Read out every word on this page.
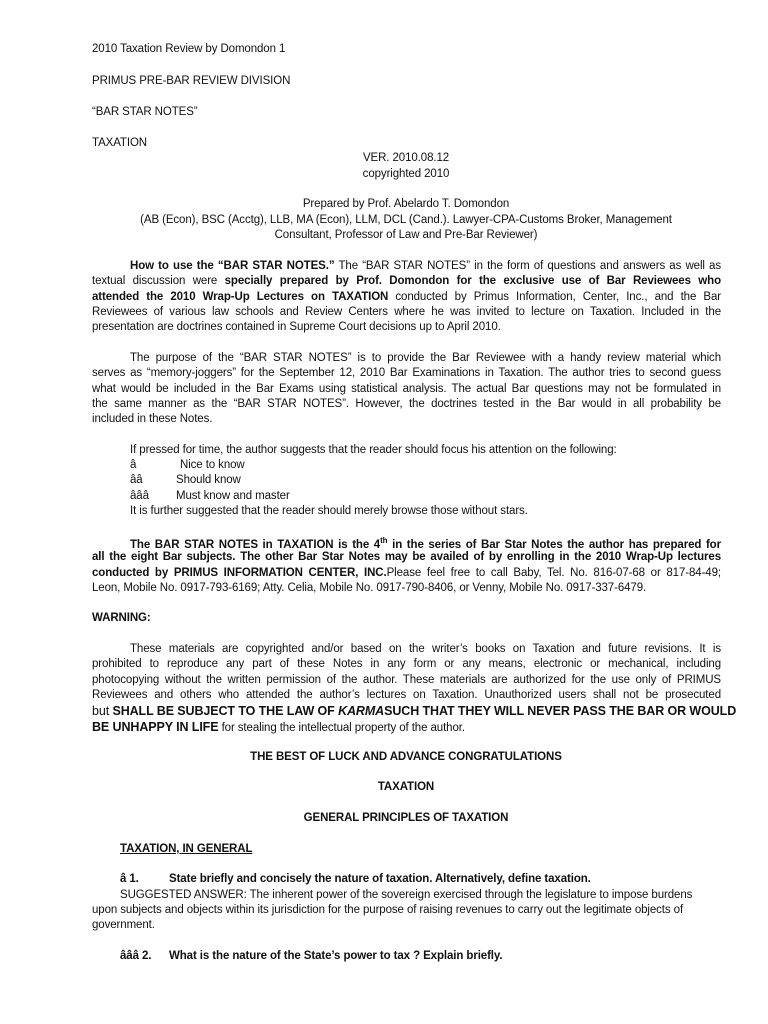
2010 Taxation Review by Domondon 1
PRIMUS PRE-BAR REVIEW DIVISION
“BAR STAR NOTES”
TAXATION
VER. 2010.08.12
copyrighted 2010
Prepared by Prof. Abelardo T. Domondon
(AB (Econ), BSC (Acctg), LLB, MA (Econ), LLM, DCL (Cand.). Lawyer-CPA-Customs Broker, Management
Consultant, Professor of Law and Pre-Bar Reviewer)
How to use the “BAR STAR NOTES.” The “BAR STAR NOTES” in the form of questions and answers as well as
textual discussion were specially prepared by Prof. Domondon for the exclusive use of Bar Reviewees who
attended the 2010 Wrap-Up Lectures on TAXATION conducted by Primus Information, Center, Inc., and the Bar
Reviewees of various law schools and Review Centers where he was invited to lecture on Taxation. Included in the
presentation are doctrines contained in Supreme Court decisions up to April 2010.
The purpose of the “BAR STAR NOTES” is to provide the Bar Reviewee with a handy review material which
serves as “memory-joggers” for the September 12, 2010 Bar Examinations in Taxation. The author tries to second guess
what would be included in the Bar Exams using statistical analysis. The actual Bar questions may not be formulated in
the same manner as the “BAR STAR NOTES”. However, the doctrines tested in the Bar would in all probability be
included in these Notes.
If pressed for time, the author suggests that the reader should focus his attention on the following:
â	Nice to know
ââ	Should know
âââ Must know and master
It is further suggested that the reader should merely browse those without stars.
The BAR STAR NOTES in TAXATION is the 4th in the series of Bar Star Notes the author has prepared for
all the eight Bar subjects. The other Bar Star Notes may be availed of by enrolling in the 2010 Wrap-Up lectures
conducted by PRIMUS INFORMATION CENTER, INC.Please feel free to call Baby, Tel. No. 816-07-68 or 817-84-49;
Leon, Mobile No. 0917-793-6169; Atty. Celia, Mobile No. 0917-790-8406, or Venny, Mobile No. 0917-337-6479.
WARNING:
These materials are copyrighted and/or based on the writer’s books on Taxation and future revisions. It is
prohibited to reproduce any part of these Notes in any form or any means, electronic or mechanical, including
photocopying without the written permission of the author. These materials are authorized for the use only of PRIMUS
Reviewees and others who attended the author’s lectures on Taxation. Unauthorized users shall not be prosecuted
but SHALL BE SUBJECT TO THE LAW OF KARMASUCH THAT THEY WILL NEVER PASS THE BAR OR WOULD
BE UNHAPPY IN LIFE for stealing the intellectual property of the author.
THE BEST OF LUCK AND ADVANCE CONGRATULATIONS
TAXATION
GENERAL PRINCIPLES OF TAXATION
TAXATION, IN GENERAL
â 1.	State briefly and concisely the nature of taxation. Alternatively, define taxation.
SUGGESTED ANSWER: The inherent power of the sovereign exercised through the legislature to impose burdens
upon subjects and objects within its jurisdiction for the purpose of raising revenues to carry out the legitimate objects of
government.
âââ 2. What is the nature of the State’s power to tax ? Explain briefly.
